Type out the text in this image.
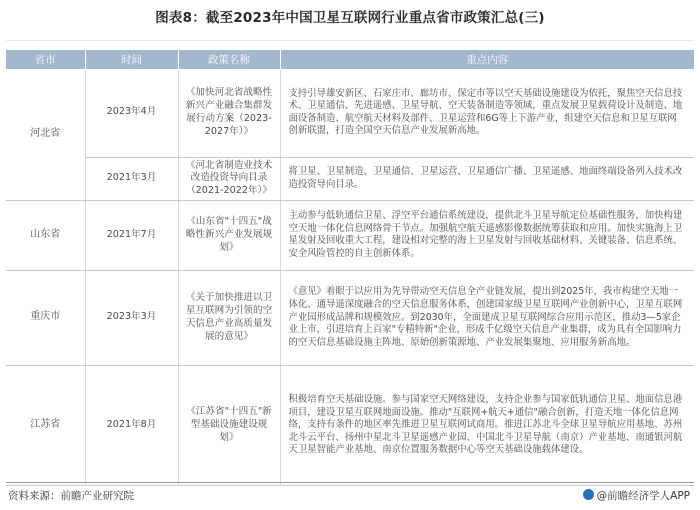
图表8：截至2023年中国卫星互联网行业重点省市政策汇总(三)
省市	时间	政策名称	重点内容
河北省	2023年4月	《加快河北省战略性新兴产业融合集群发展行动方案（2023-2027年）》	支持引导雄安新区、石家庄市、廊坊市、保定市等以空天基础设施建设为依托，聚焦空天信息技术、卫星通信、先进遥感、卫星导航、空天装备制造等领域，重点发展卫星载荷设计及制造、地面设备制造、航空航天材料及部件、卫星运营和6G等上下游产业，组建空天信息和卫星互联网创新联盟，打造全国空天信息产业发展新高地。
	2021年3月	《河北省制造业技术改造投资导向目录（2021-2022年）》	将卫星、卫星制造、卫星通信、卫星运营、卫星通信广播、卫星遥感、地面终端设备列入技术改造投资导向目录。
山东省	2021年7月	《山东省"十四五"战略性新兴产业发展规划》	主动参与低轨通信卫星、浮空平台通信系统建设，提供北斗卫星导航定位基础性服务，加快构建空天地一体化信息网络骨干节点。加强航空航天遥感影像数据统筹获取和应用。加快实施海上卫星发射及回收重大工程，建设相对完整的海上卫星发射与回收基础材料、关键装备、信息系统、安全风险管控的自主创新体系。
重庆市	2023年3月	《关于加快推进以卫星互联网为引领的空天信息产业高质量发展的意见》	《意见》着眼于以应用为先导带动空天信息全产业链发展，提出到2025年，我市构建空天地一体化、通导遥深度融合的空天信息服务体系，创建国家级卫星互联网产业创新中心，卫星互联网产业园形成品牌和规模效应。到2030年，全面建成卫星互联网综合应用示范区，推动3—5家企业上市，引进培育上百家"专精特新"企业，形成千亿级空天信息产业集群，成为具有全国影响力的空天信息基础设施主阵地、原始创新策源地、产业发展集聚地、应用服务新高地。
江苏省	2021年8月	《江苏省"十四五"新型基础设施建设规划》	积极培育空天基础设施。参与国家空天网络建设，支持企业参与国家低轨通信卫星、地面信息港项目，建设卫星互联网地面设施。推动"互联网+航天+通信"融合创新，打造天地一体化信息网络，支持有条件的地区率先推进卫星互联网试商用。推进江苏北斗全球卫星导航应用基地、苏州北斗云平台、扬州中星北斗卫星遥感产业园、中国北斗卫星导航（南京）产业基地、南通银河航天卫星智能产业基地、南京位置服务数据中心等空天基础设施载体建设。
资料来源：前瞻产业研究院	@前瞻经济学人APP
